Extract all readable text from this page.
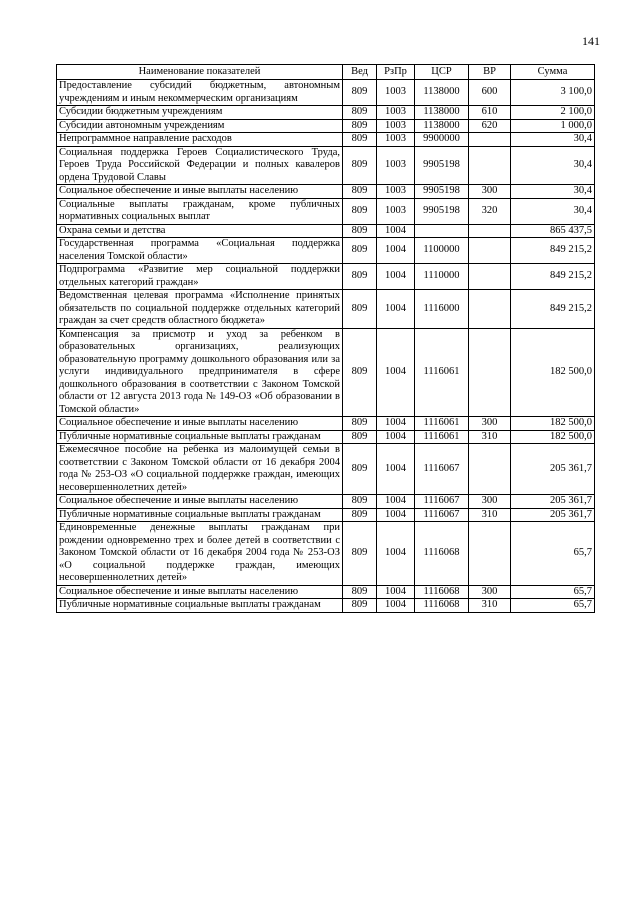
141
Наименование показателей	Вед	РзПр	ЦСР	ВР	Сумма
Предоставление субсидий бюджетным, автономным учреждениям и иным некоммерческим организациям	809	1003	1138000	600	3 100,0
Субсидии бюджетным учреждениям	809	1003	1138000	610	2 100,0
Субсидии автономным учреждениям	809	1003	1138000	620	1 000,0
Непрограммное направление расходов	809	1003	9900000		30,4
Социальная поддержка Героев Социалистического Труда, Героев Труда Российской Федерации и полных кавалеров ордена Трудовой Славы	809	1003	9905198		30,4
Социальное обеспечение и иные выплаты населению	809	1003	9905198	300	30,4
Социальные выплаты гражданам, кроме публичных нормативных социальных выплат	809	1003	9905198	320	30,4
Охрана семьи и детства	809	1004			865 437,5
Государственная программа «Социальная поддержка населения Томской области»	809	1004	1100000		849 215,2
Подпрограмма «Развитие мер социальной поддержки отдельных категорий граждан»	809	1004	1110000		849 215,2
Ведомственная целевая программа «Исполнение принятых обязательств по социальной поддержке отдельных категорий граждан за счет средств областного бюджета»	809	1004	1116000		849 215,2
Компенсация за присмотр и уход за ребенком в образовательных организациях, реализующих образовательную программу дошкольного образования или за услуги индивидуального предпринимателя в сфере дошкольного образования в соответствии с Законом Томской области от 12 августа 2013 года № 149-ОЗ «Об образовании в Томской области»	809	1004	1116061		182 500,0
Социальное обеспечение и иные выплаты населению	809	1004	1116061	300	182 500,0
Публичные нормативные социальные выплаты гражданам	809	1004	1116061	310	182 500,0
Ежемесячное пособие на ребенка из малоимущей семьи в соответствии с Законом Томской области от 16 декабря 2004 года № 253-ОЗ «О социальной поддержке граждан, имеющих несовершеннолетних детей»	809	1004	1116067		205 361,7
Социальное обеспечение и иные выплаты населению	809	1004	1116067	300	205 361,7
Публичные нормативные социальные выплаты гражданам	809	1004	1116067	310	205 361,7
Единовременные денежные выплаты гражданам при рождении одновременно трех и более детей в соответствии с Законом Томской области от 16 декабря 2004 года № 253-ОЗ «О социальной поддержке граждан, имеющих несовершеннолетних детей»	809	1004	1116068		65,7
Социальное обеспечение и иные выплаты населению	809	1004	1116068	300	65,7
Публичные нормативные социальные выплаты гражданам	809	1004	1116068	310	65,7
